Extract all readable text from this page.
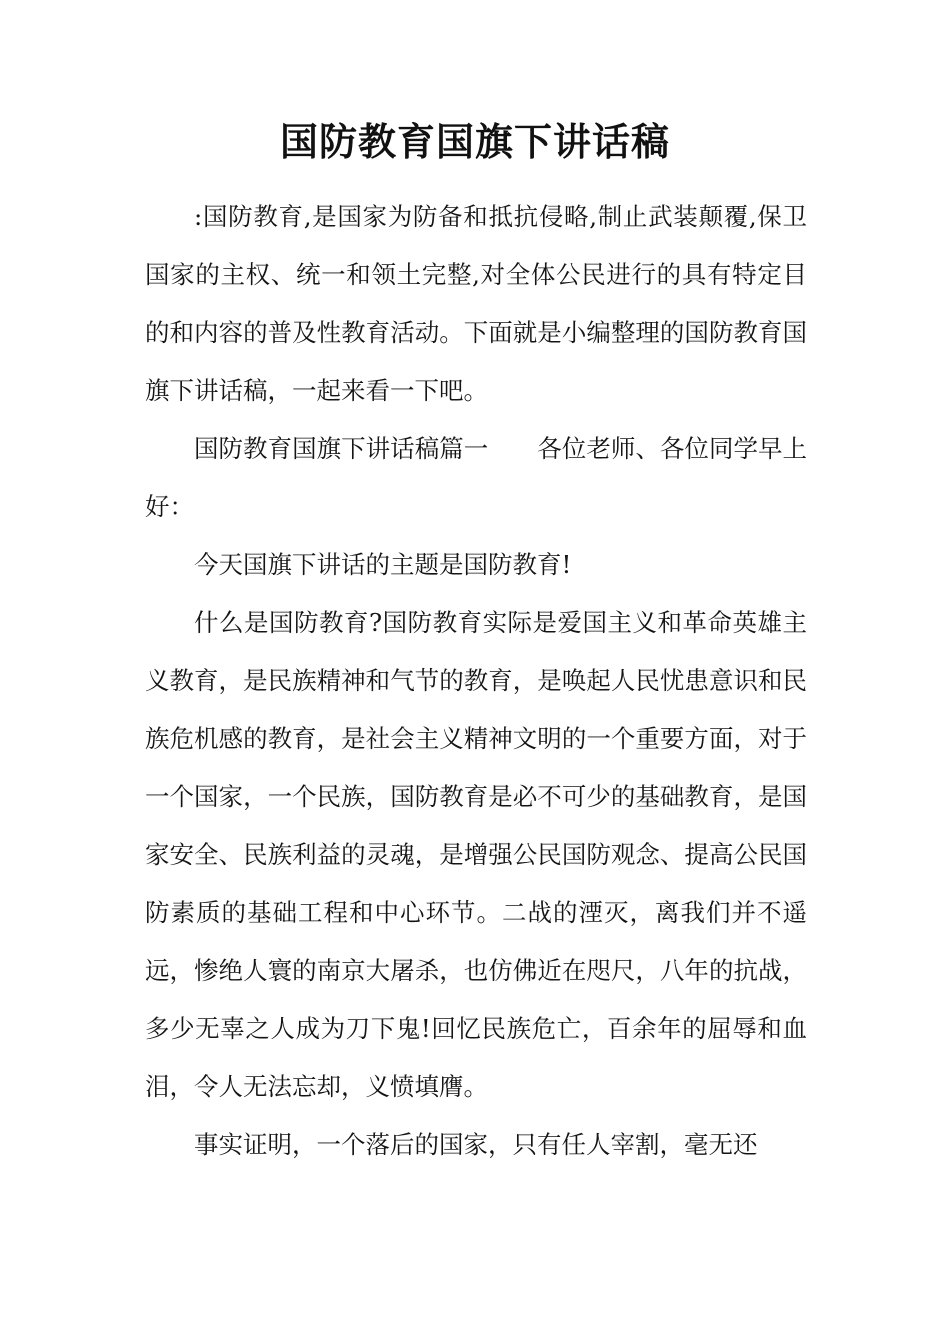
国防教育国旗下讲话稿

:国防教育,是国家为防备和抵抗侵略,制止武装颠覆,保卫国家的主权、统一和领土完整,对全体公民进行的具有特定目的和内容的普及性教育活动。下面就是小编整理的国防教育国旗下讲话稿，一起来看一下吧。

国防教育国旗下讲话稿篇一 各位老师、各位同学早上好：

今天国旗下讲话的主题是国防教育!

什么是国防教育?国防教育实际是爱国主义和革命英雄主义教育，是民族精神和气节的教育，是唤起人民忧患意识和民族危机感的教育，是社会主义精神文明的一个重要方面，对于一个国家，一个民族，国防教育是必不可少的基础教育，是国家安全、民族利益的灵魂，是增强公民国防观念、提高公民国防素质的基础工程和中心环节。二战的湮灭，离我们并不遥远，惨绝人寰的南京大屠杀，也仿佛近在咫尺，八年的抗战，多少无辜之人成为刀下鬼!回忆民族危亡，百余年的屈辱和血泪，令人无法忘却，义愤填膺。

事实证明，一个落后的国家，只有任人宰割，毫无还
